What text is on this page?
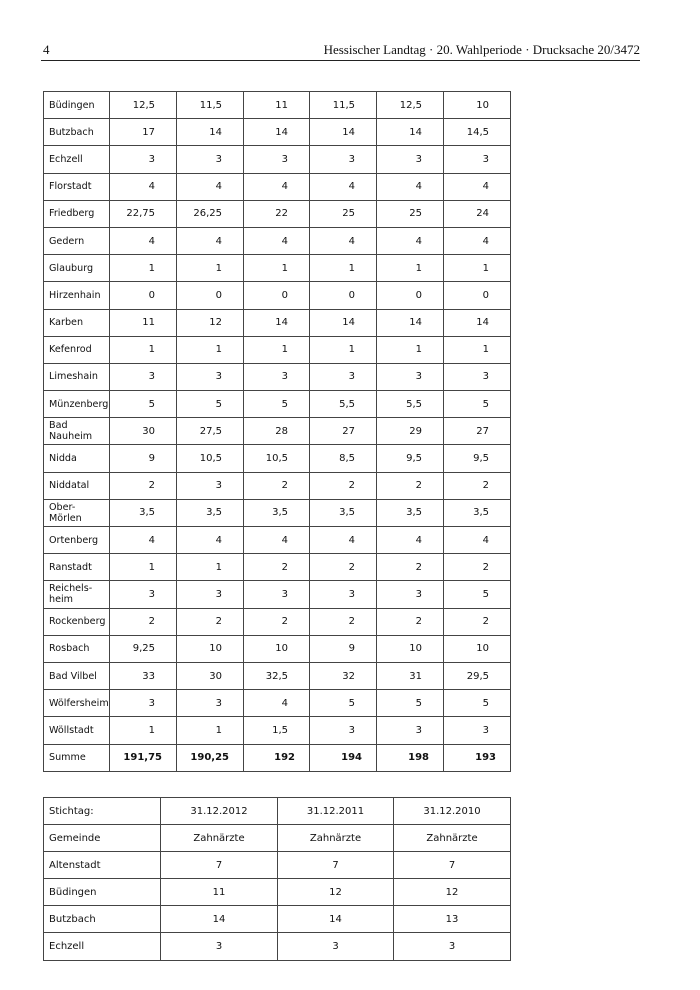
4	Hessischer Landtag · 20. Wahlperiode · Drucksache 20/3472
Büdingen	12,5	11,5	11	11,5	12,5	10
Butzbach	17	14	14	14	14	14,5
Echzell	3	3	3	3	3	3
Florstadt	4	4	4	4	4	4
Friedberg	22,75	26,25	22	25	25	24
Gedern	4	4	4	4	4	4
Glauburg	1	1	1	1	1	1
Hirzenhain	0	0	0	0	0	0
Karben	11	12	14	14	14	14
Kefenrod	1	1	1	1	1	1
Limeshain	3	3	3	3	3	3
Münzenberg	5	5	5	5,5	5,5	5
Bad Nauheim	30	27,5	28	27	29	27
Nidda	9	10,5	10,5	8,5	9,5	9,5
Niddatal	2	3	2	2	2	2
Ober-Mörlen	3,5	3,5	3,5	3,5	3,5	3,5
Ortenberg	4	4	4	4	4	4
Ranstadt	1	1	2	2	2	2
Reichels-heim	3	3	3	3	3	5
Rockenberg	2	2	2	2	2	2
Rosbach	9,25	10	10	9	10	10
Bad Vilbel	33	30	32,5	32	31	29,5
Wölfersheim	3	3	4	5	5	5
Wöllstadt	1	1	1,5	3	3	3
Summe	191,75	190,25	192	194	198	193
Stichtag:	31.12.2012	31.12.2011	31.12.2010
Gemeinde	Zahnärzte	Zahnärzte	Zahnärzte
Altenstadt	7	7	7
Büdingen	11	12	12
Butzbach	14	14	13
Echzell	3	3	3
